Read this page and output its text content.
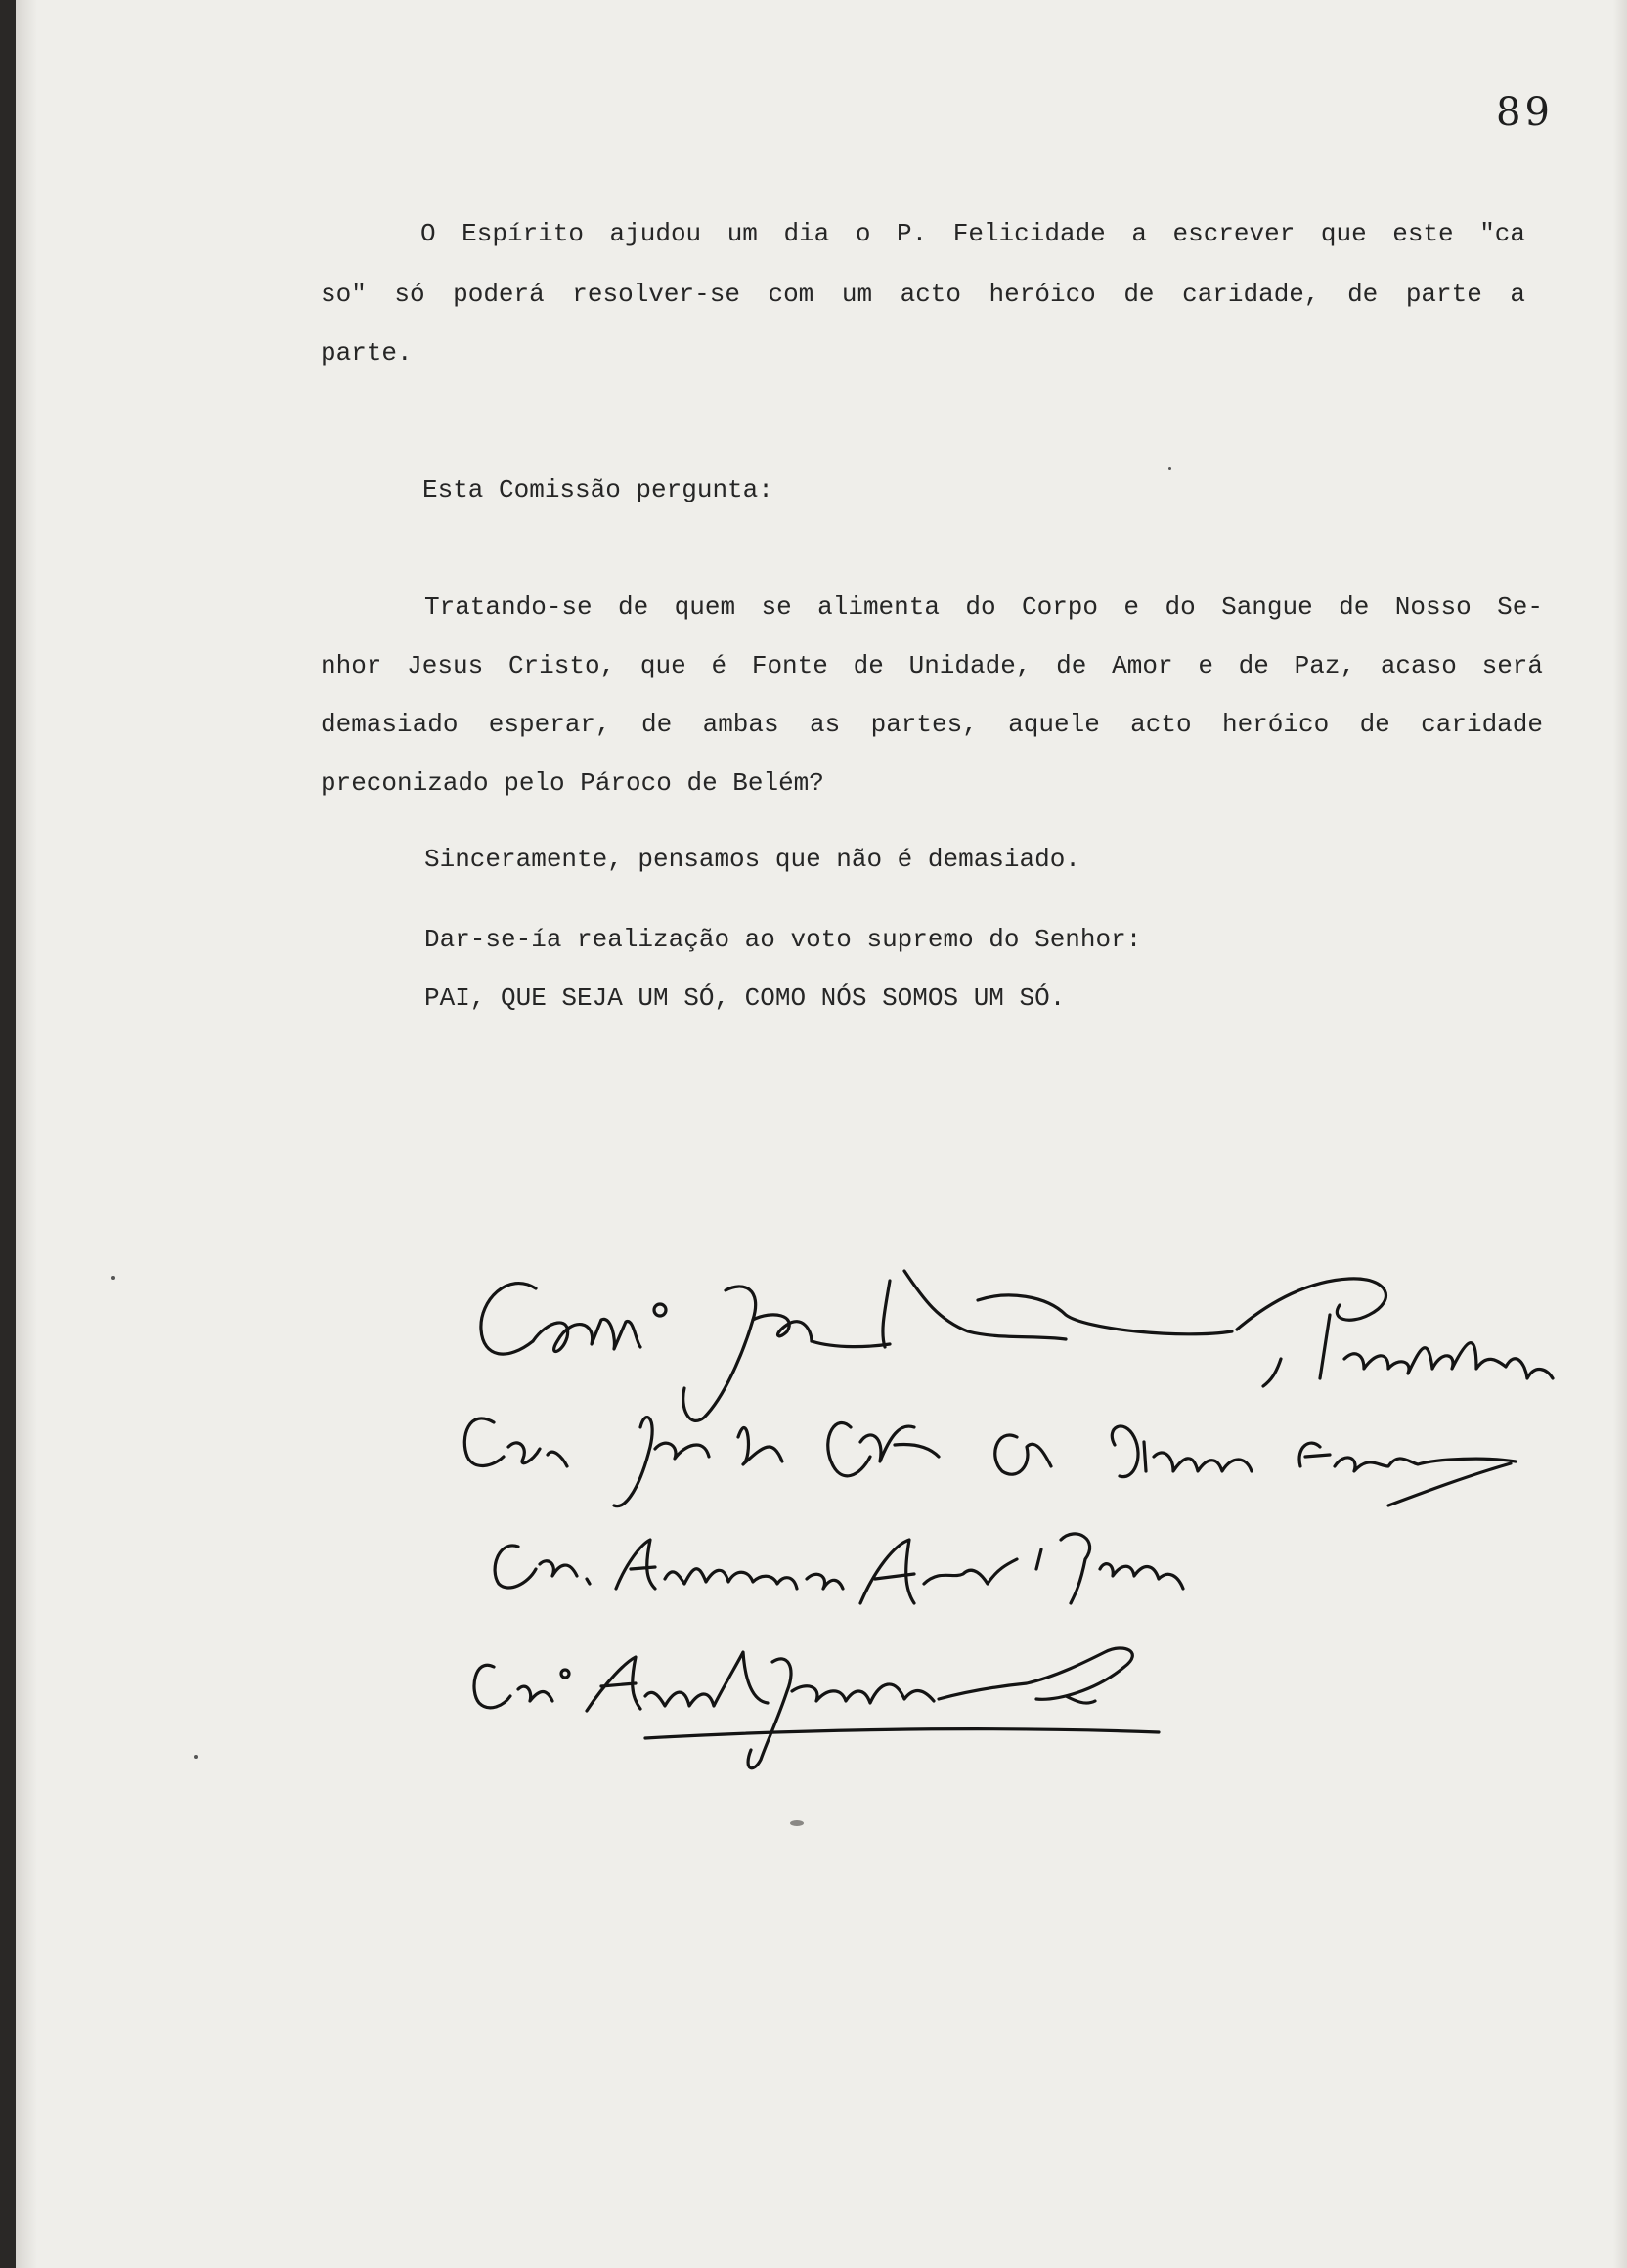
89
O Espírito ajudou um dia o P. Felicidade a escrever que este "ca
so" só poderá resolver-se com um acto heróico de caridade, de parte a
parte.
Esta Comissão pergunta:
Tratando-se de quem se alimenta do Corpo e do Sangue de Nosso Se-
nhor Jesus Cristo, que é Fonte de Unidade, de Amor e de Paz, acaso será
demasiado esperar, de ambas as partes, aquele acto heróico de caridade
preconizado pelo Pároco de Belém?
Sinceramente, pensamos que não é demasiado.
Dar-se-ía realização ao voto supremo do Senhor:
PAI, QUE SEJA UM SÓ, COMO NÓS SOMOS UM SÓ.
